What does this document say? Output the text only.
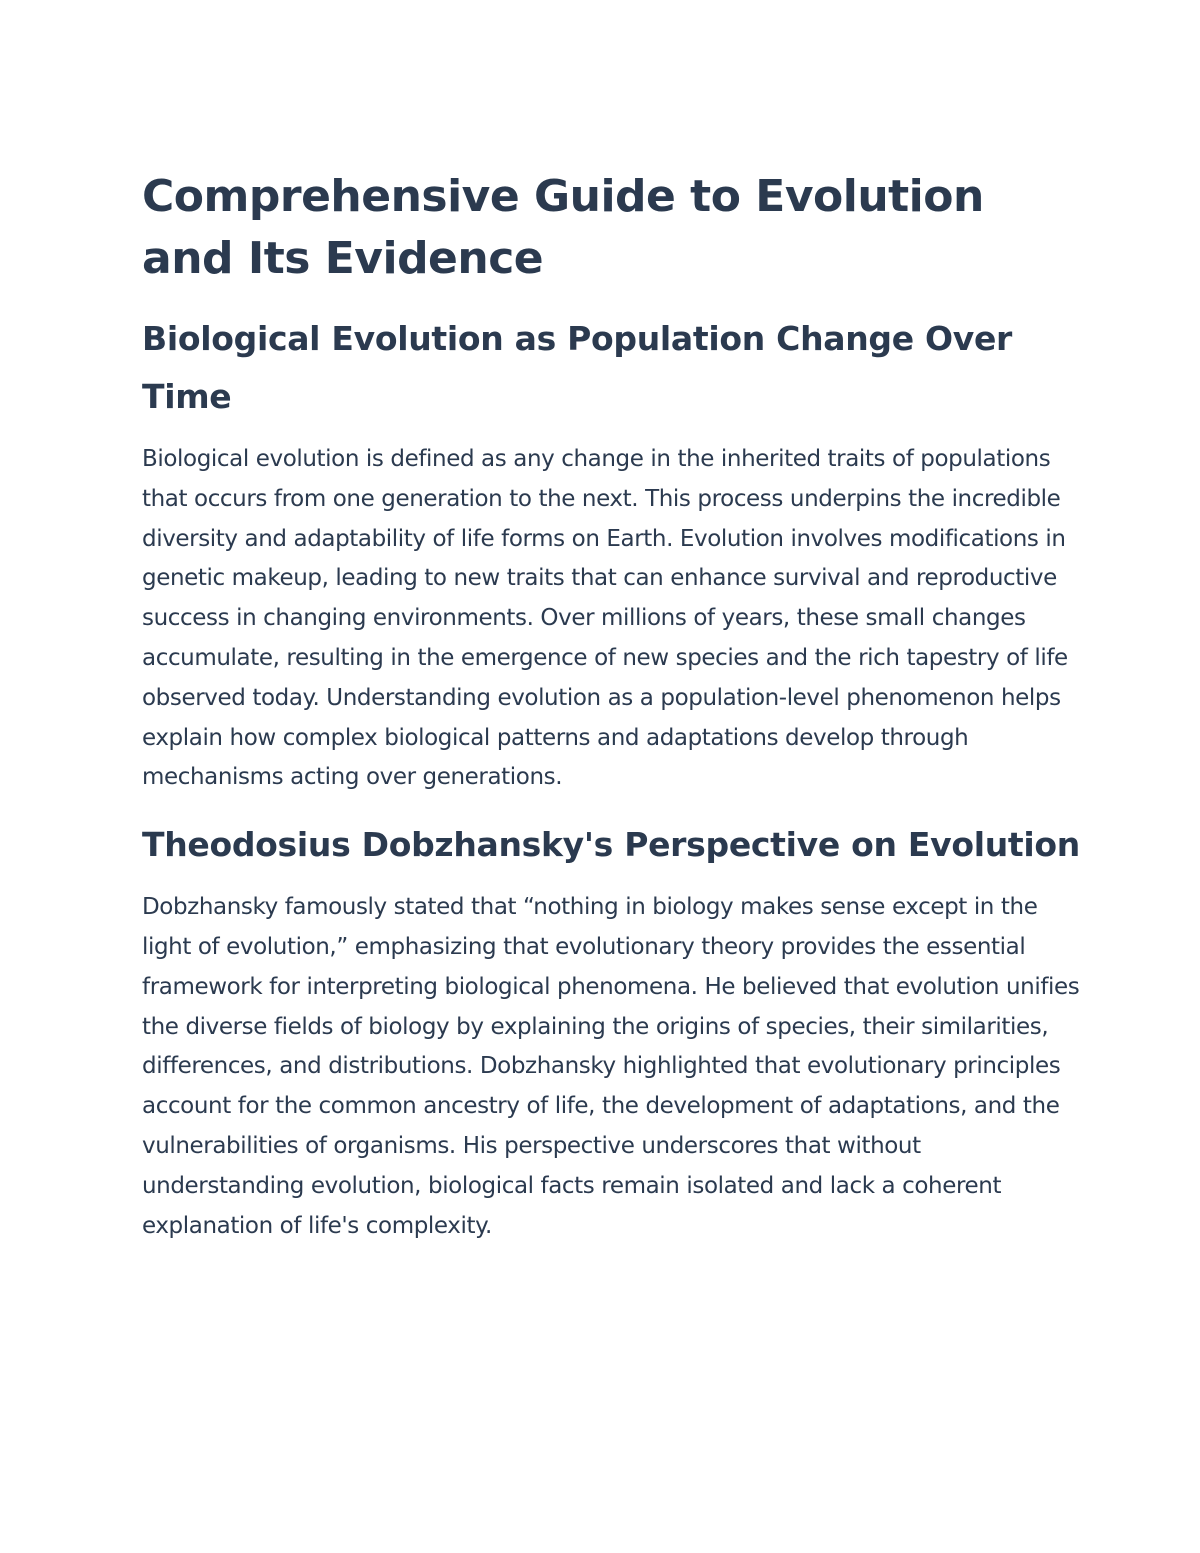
Comprehensive Guide to Evolution and Its Evidence
Biological Evolution as Population Change Over Time

Biological evolution is defined as any change in the inherited traits of populations that occurs from one generation to the next. This process underpins the incredible diversity and adaptability of life forms on Earth. Evolution involves modifications in genetic makeup, leading to new traits that can enhance survival and reproductive success in changing environments. Over millions of years, these small changes accumulate, resulting in the emergence of new species and the rich tapestry of life observed today. Understanding evolution as a population-level phenomenon helps explain how complex biological patterns and adaptations develop through mechanisms acting over generations.

Theodosius Dobzhansky's Perspective on Evolution

Dobzhansky famously stated that “nothing in biology makes sense except in the light of evolution,” emphasizing that evolutionary theory provides the essential framework for interpreting biological phenomena. He believed that evolution unifies the diverse fields of biology by explaining the origins of species, their similarities, differences, and distributions. Dobzhansky highlighted that evolutionary principles account for the common ancestry of life, the development of adaptations, and the vulnerabilities of organisms. His perspective underscores that without understanding evolution, biological facts remain isolated and lack a coherent explanation of life's complexity.
